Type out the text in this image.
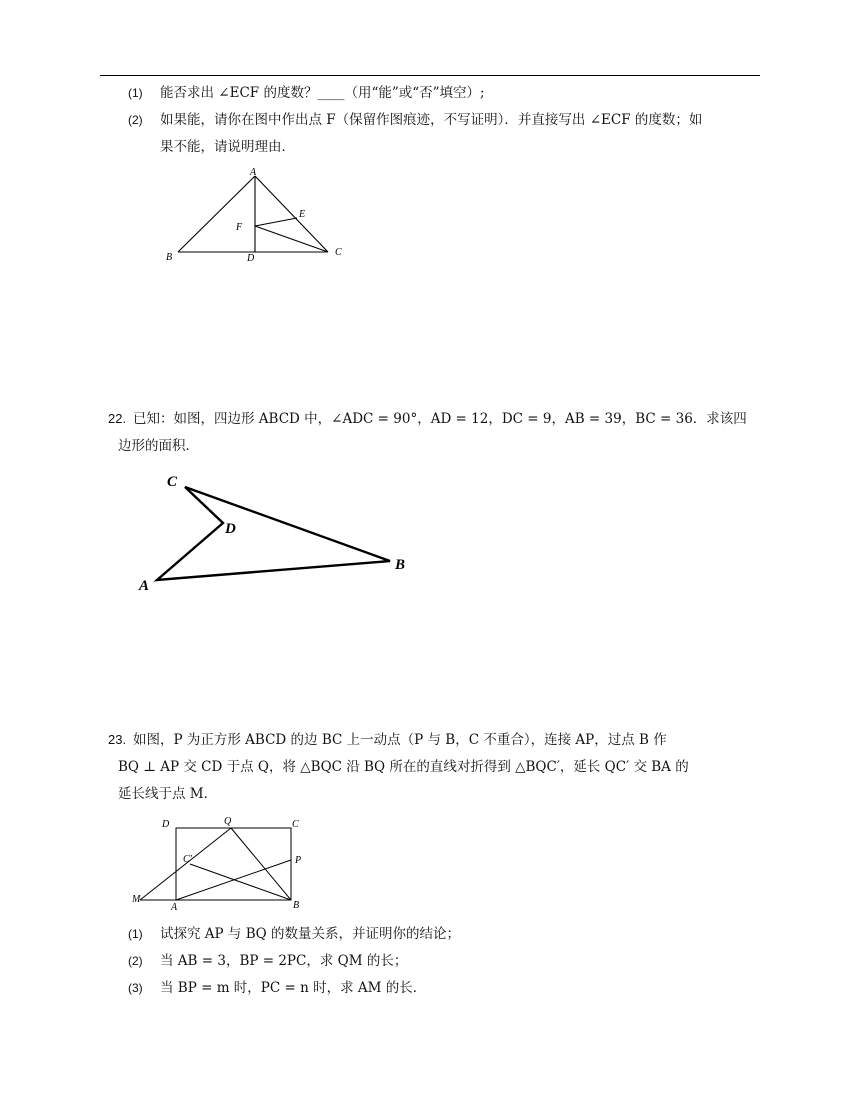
(1) 能否求出 ∠ECF 的度数？____（用“能”或“否”填空）;
(2) 如果能，请你在图中作出点 F（保留作图痕迹，不写证明）．并直接写出 ∠ECF 的度数；如
果不能，请说明理由．
A
B	C
D
E
F
22. 已知：如图，四边形 ABCD 中，∠ADC = 90°，AD = 12，DC = 9，AB = 39，BC = 36．求该四
边形的面积．
A
B
C
D
23. 如图，P 为正方形 ABCD 的边 BC 上一动点（P 与 B，C 不重合），连接 AP，过点 B 作
BQ ⊥ AP 交 CD 于点 Q，将 △BQC 沿 BQ 所在的直线对折得到 △BQC′，延长 QC′ 交 BA 的
延长线于点 M．
D	Q	C
C′	P
M
A	B
(1) 试探究 AP 与 BQ 的数量关系，并证明你的结论；
(2) 当 AB = 3，BP = 2PC，求 QM 的长；
(3) 当 BP = m 时，PC = n 时，求 AM 的长．
